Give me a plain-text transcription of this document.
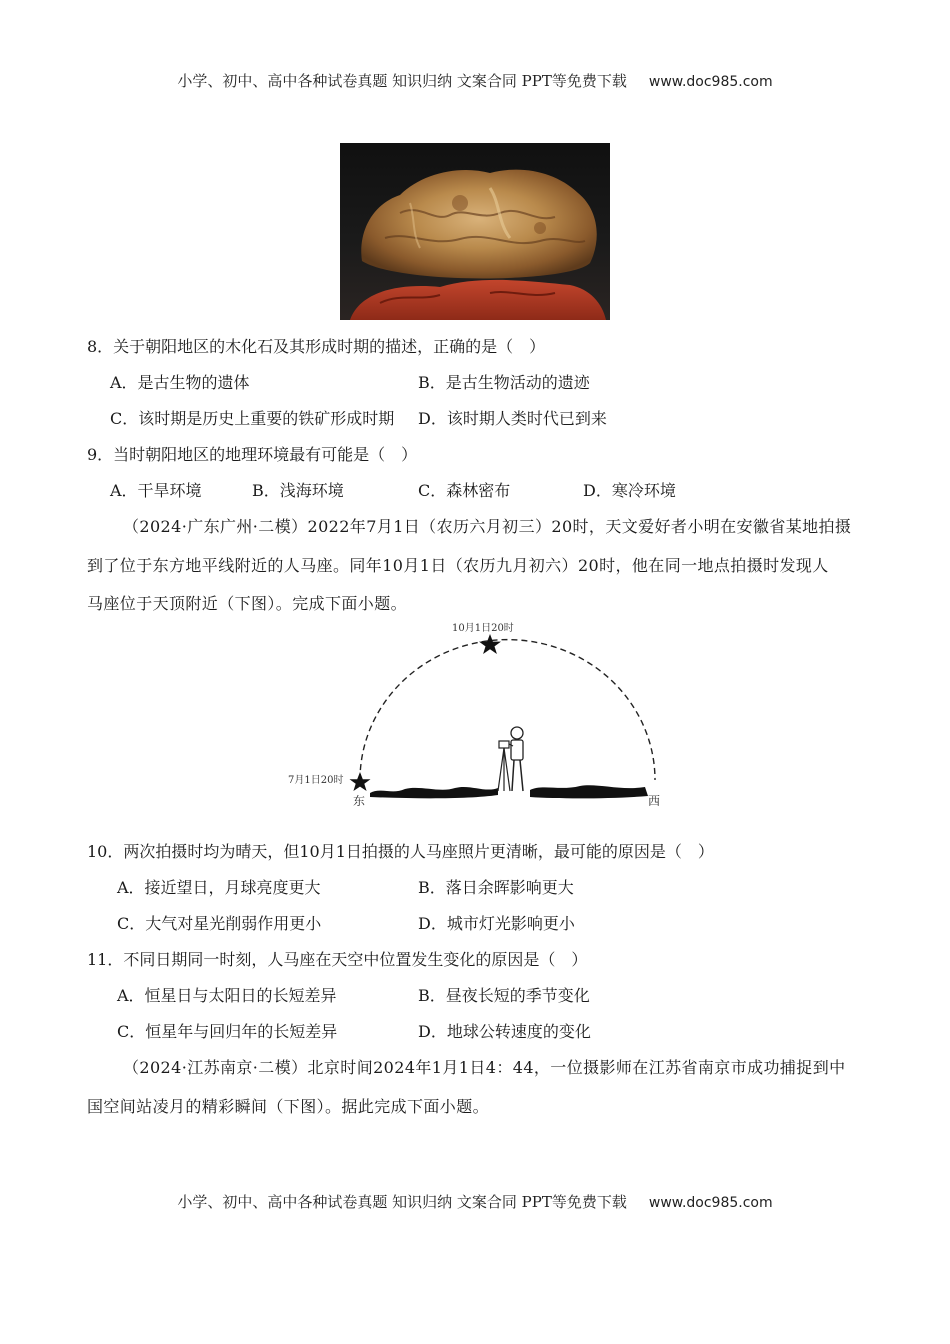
小学、初中、高中各种试卷真题 知识归纳 文案合同 PPT等免费下载 www.doc985.com
8．关于朝阳地区的木化石及其形成时期的描述，正确的是（　）
A．是古生物的遗体	B．是古生物活动的遗迹
C．该时期是历史上重要的铁矿形成时期 D．该时期人类时代已到来
9．当时朝阳地区的地理环境最有可能是（　）
A．干旱环境	B．浅海环境	C．森林密布	D．寒冷环境
（2024·广东广州·二模）2022年7月1日（农历六月初三）20时，天文爱好者小明在安徽省某地拍摄
到了位于东方地平线附近的人马座。同年10月1日（农历九月初六）20时，他在同一地点拍摄时发现人
马座位于天顶附近（下图）。完成下面小题。
10月1日20时
7月1日20时
东	西
10．两次拍摄时均为晴天，但10月1日拍摄的人马座照片更清晰，最可能的原因是（　）
A．接近望日，月球亮度更大	B．落日余晖影响更大
C．大气对星光削弱作用更小	D．城市灯光影响更小
11．不同日期同一时刻，人马座在天空中位置发生变化的原因是（　）
A．恒星日与太阳日的长短差异	B．昼夜长短的季节变化
C．恒星年与回归年的长短差异	D．地球公转速度的变化
（2024·江苏南京·二模）北京时间2024年1月1日4：44，一位摄影师在江苏省南京市成功捕捉到中
国空间站凌月的精彩瞬间（下图）。据此完成下面小题。
小学、初中、高中各种试卷真题 知识归纳 文案合同 PPT等免费下载 www.doc985.com
